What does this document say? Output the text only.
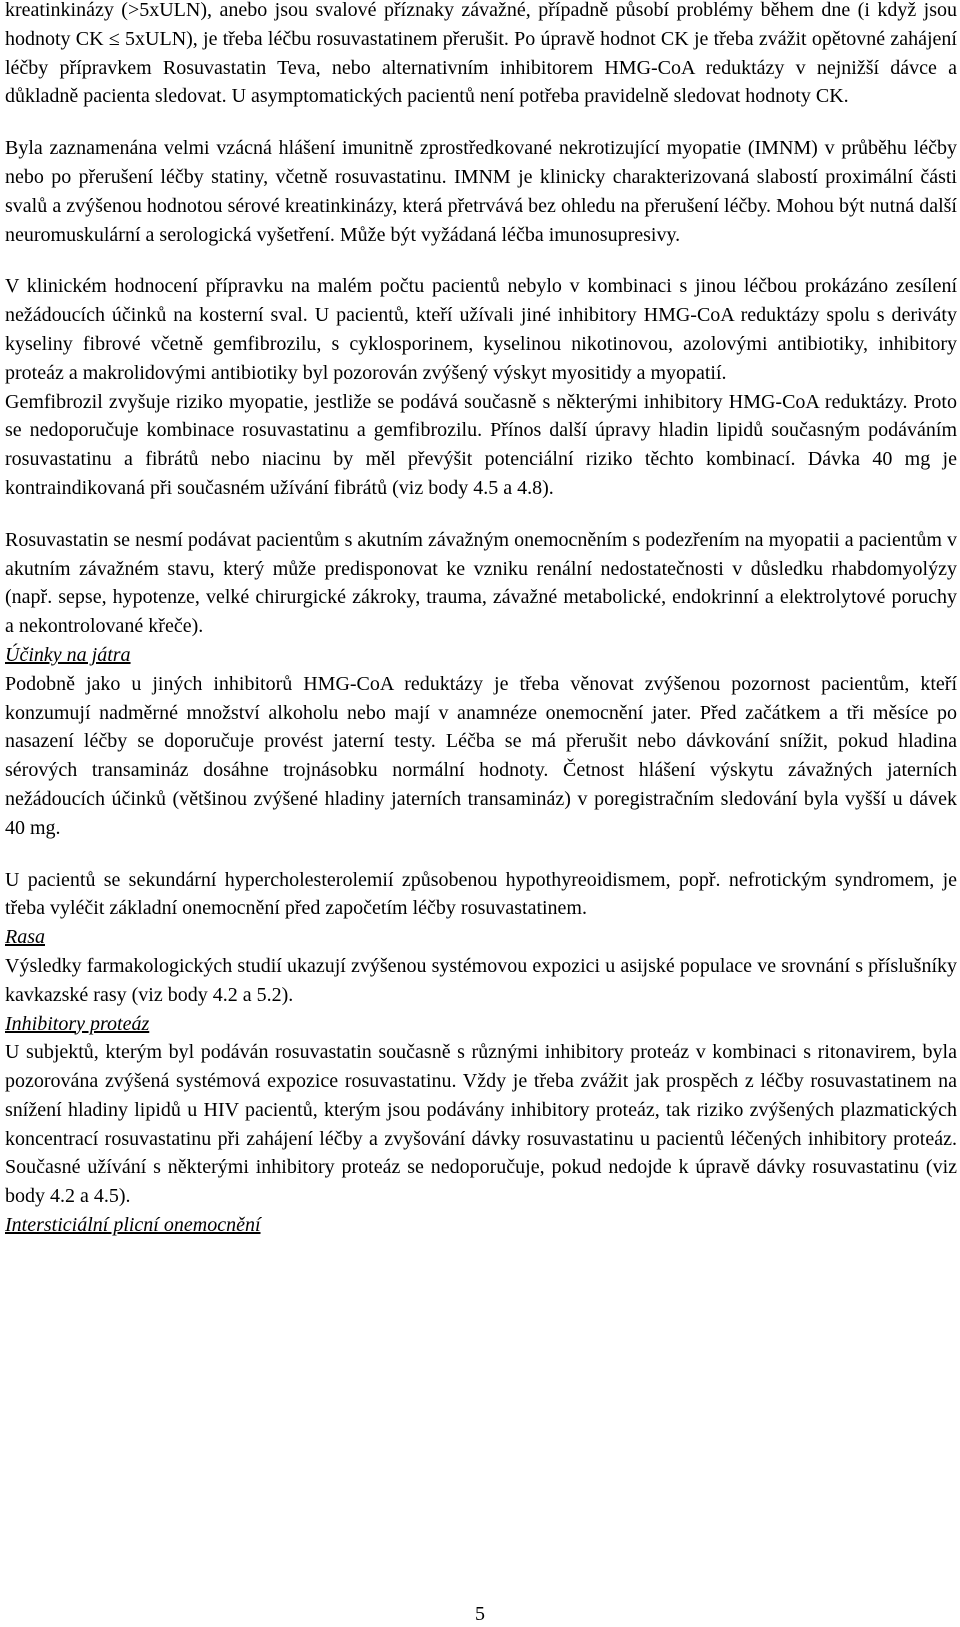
kreatinkinázy (>5xULN), anebo jsou svalové příznaky závažné, případně působí problémy během dne (i když jsou hodnoty CK ≤ 5xULN), je třeba léčbu rosuvastatinem přerušit. Po úpravě hodnot CK je třeba zvážit opětovné zahájení léčby přípravkem Rosuvastatin Teva, nebo alternativním inhibitorem HMG-CoA reduktázy v nejnižší dávce a důkladně pacienta sledovat. U asymptomatických pacientů není potřeba pravidelně sledovat hodnoty CK.

Byla zaznamenána velmi vzácná hlášení imunitně zprostředkované nekrotizující myopatie (IMNM) v průběhu léčby nebo po přerušení léčby statiny, včetně rosuvastatinu. IMNM je klinicky charakterizovaná slabostí proximální části svalů a zvýšenou hodnotou sérové kreatinkinázy, která přetrvává bez ohledu na přerušení léčby. Mohou být nutná další neuromuskulární a serologická vyšetření. Může být vyžádaná léčba imunosupresivy.

V klinickém hodnocení přípravku na malém počtu pacientů nebylo v kombinaci s jinou léčbou prokázáno zesílení nežádoucích účinků na kosterní sval. U pacientů, kteří užívali jiné inhibitory HMG-CoA reduktázy spolu s deriváty kyseliny fibrové včetně gemfibrozilu, s cyklosporinem, kyselinou nikotinovou, azolovými antibiotiky, inhibitory proteáz a makrolidovými antibiotiky byl pozorován zvýšený výskyt myositidy a myopatií.

Gemfibrozil zvyšuje riziko myopatie, jestliže se podává současně s některými inhibitory HMG-CoA reduktázy. Proto se nedoporučuje kombinace rosuvastatinu a gemfibrozilu. Přínos další úpravy hladin lipidů současným podáváním rosuvastatinu a fibrátů nebo niacinu by měl převýšit potenciální riziko těchto kombinací. Dávka 40 mg je kontraindikovaná při současném užívání fibrátů (viz body 4.5 a 4.8).

Rosuvastatin se nesmí podávat pacientům s akutním závažným onemocněním s podezřením na myopatii a pacientům v akutním závažném stavu, který může predisponovat ke vzniku renální nedostatečnosti v důsledku rhabdomyolýzy (např. sepse, hypotenze, velké chirurgické zákroky, trauma, závažné metabolické, endokrinní a elektrolytové poruchy a nekontrolované křeče).

Účinky na játra

Podobně jako u jiných inhibitorů HMG-CoA reduktázy je třeba věnovat zvýšenou pozornost pacientům, kteří konzumují nadměrné množství alkoholu nebo mají v anamnéze onemocnění jater. Před začátkem a tři měsíce po nasazení léčby se doporučuje provést jaterní testy. Léčba se má přerušit nebo dávkování snížit, pokud hladina sérových transamináz dosáhne trojnásobku normální hodnoty. Četnost hlášení výskytu závažných jaterních nežádoucích účinků (většinou zvýšené hladiny jaterních transamináz) v poregistračním sledování byla vyšší u dávek 40 mg.

U pacientů se sekundární hypercholesterolemií způsobenou hypothyreoidismem, popř. nefrotickým syndromem, je třeba vyléčit základní onemocnění před započetím léčby rosuvastatinem.

Rasa

Výsledky farmakologických studií ukazují zvýšenou systémovou expozici u asijské populace ve srovnání s příslušníky kavkazské rasy (viz body 4.2 a 5.2).

Inhibitory proteáz

U subjektů, kterým byl podáván rosuvastatin současně s různými inhibitory proteáz v kombinaci s ritonavirem, byla pozorována zvýšená systémová expozice rosuvastatinu. Vždy je třeba zvážit jak prospěch z léčby rosuvastatinem na snížení hladiny lipidů u HIV pacientů, kterým jsou podávány inhibitory proteáz, tak riziko zvýšených plazmatických koncentrací rosuvastatinu při zahájení léčby a zvyšování dávky rosuvastatinu u pacientů léčených inhibitory proteáz. Současné užívání s některými inhibitory proteáz se nedoporučuje, pokud nedojde k úpravě dávky rosuvastatinu (viz body 4.2 a 4.5).

Intersticiální plicní onemocnění

5
